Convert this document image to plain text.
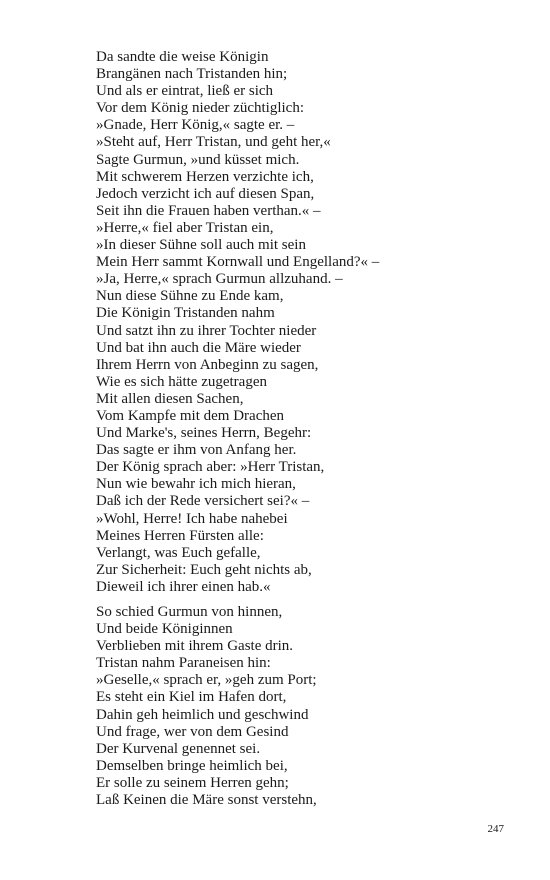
Da sandte die weise Königin
Brangänen nach Tristanden hin;
Und als er eintrat, ließ er sich
Vor dem König nieder züchtiglich:
»Gnade, Herr König,« sagte er. –
»Steht auf, Herr Tristan, und geht her,«
Sagte Gurmun, »und küsset mich.
Mit schwerem Herzen verzichte ich,
Jedoch verzicht ich auf diesen Span,
Seit ihn die Frauen haben verthan.« –
»Herre,« fiel aber Tristan ein,
»In dieser Sühne soll auch mit sein
Mein Herr sammt Kornwall und Engelland?« –
»Ja, Herre,« sprach Gurmun allzuhand. –
Nun diese Sühne zu Ende kam,
Die Königin Tristanden nahm
Und satzt ihn zu ihrer Tochter nieder
Und bat ihn auch die Märe wieder
Ihrem Herrn von Anbeginn zu sagen,
Wie es sich hätte zugetragen
Mit allen diesen Sachen,
Vom Kampfe mit dem Drachen
Und Marke's, seines Herrn, Begehr:
Das sagte er ihm von Anfang her.
Der König sprach aber: »Herr Tristan,
Nun wie bewahr ich mich hieran,
Daß ich der Rede versichert sei?« –
»Wohl, Herre! Ich habe nahebei
Meines Herren Fürsten alle:
Verlangt, was Euch gefalle,
Zur Sicherheit: Euch geht nichts ab,
Dieweil ich ihrer einen hab.«
So schied Gurmun von hinnen,
Und beide Königinnen
Verblieben mit ihrem Gaste drin.
Tristan nahm Paraneisen hin:
»Geselle,« sprach er, »geh zum Port;
Es steht ein Kiel im Hafen dort,
Dahin geh heimlich und geschwind
Und frage, wer von dem Gesind
Der Kurvenal genennet sei.
Demselben bringe heimlich bei,
Er solle zu seinem Herren gehn;
Laß Keinen die Märe sonst verstehn,
247
